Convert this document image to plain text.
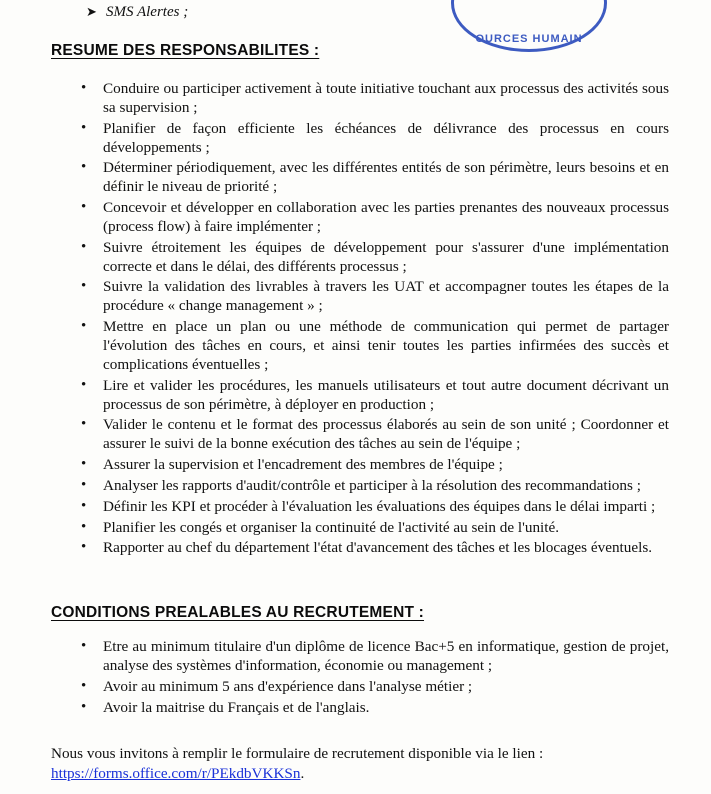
OURCES HUMAIN
➤ SMS Alertes ;
RESUME DES RESPONSABILITES :
• Conduire ou participer activement à toute initiative touchant aux processus des activités sous sa supervision ;
• Planifier de façon efficiente les échéances de délivrance des processus en cours développements ;
• Déterminer périodiquement, avec les différentes entités de son périmètre, leurs besoins et en définir le niveau de priorité ;
• Concevoir et développer en collaboration avec les parties prenantes des nouveaux processus (process flow) à faire implémenter ;
• Suivre étroitement les équipes de développement pour s'assurer d'une implémentation correcte et dans le délai, des différents processus ;
• Suivre la validation des livrables à travers les UAT et accompagner toutes les étapes de la procédure « change management » ;
• Mettre en place un plan ou une méthode de communication qui permet de partager l'évolution des tâches en cours, et ainsi tenir toutes les parties infirmées des succès et complications éventuelles ;
• Lire et valider les procédures, les manuels utilisateurs et tout autre document décrivant un processus de son périmètre, à déployer en production ;
• Valider le contenu et le format des processus élaborés au sein de son unité ; Coordonner et assurer le suivi de la bonne exécution des tâches au sein de l'équipe ;
• Assurer la supervision et l'encadrement des membres de l'équipe ;
• Analyser les rapports d'audit/contrôle et participer à la résolution des recommandations ;
• Définir les KPI et procéder à l'évaluation les évaluations des équipes dans le délai imparti ;
• Planifier les congés et organiser la continuité de l'activité au sein de l'unité.
• Rapporter au chef du département l'état d'avancement des tâches et les blocages éventuels.
CONDITIONS PREALABLES AU RECRUTEMENT :
• Etre au minimum titulaire d'un diplôme de licence Bac+5 en informatique, gestion de projet, analyse des systèmes d'information, économie ou management ;
• Avoir au minimum 5 ans d'expérience dans l'analyse métier ;
• Avoir la maitrise du Français et de l'anglais.
Nous vous invitons à remplir le formulaire de recrutement disponible via le lien :
https://forms.office.com/r/PEkdbVKKSn.
